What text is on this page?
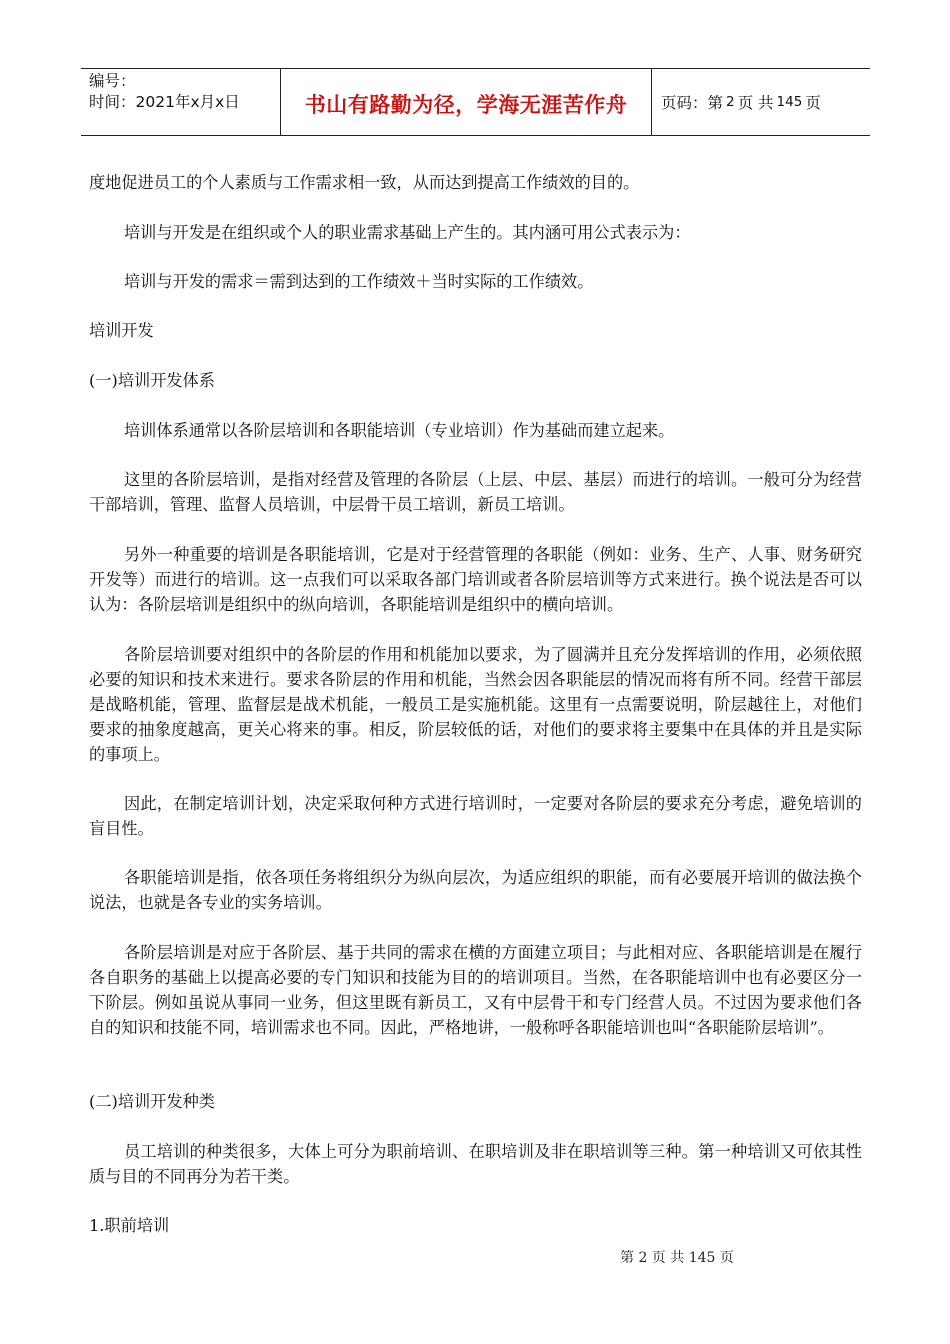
编号：
时间：2021年x月x日	书山有路勤为径，学海无涯苦作舟 页码：第 2 页 共 145 页

度地促进员工的个人素质与工作需求相一致，从而达到提高工作绩效的目的。

培训与开发是在组织或个人的职业需求基础上产生的。其内涵可用公式表示为：

培训与开发的需求＝需到达到的工作绩效＋当时实际的工作绩效。

培训开发

(一)培训开发体系

培训体系通常以各阶层培训和各职能培训（专业培训）作为基础而建立起来。

这里的各阶层培训，是指对经营及管理的各阶层（上层、中层、基层）而进行的培训。一般可分为经营干部培训，管理、监督人员培训，中层骨干员工培训，新员工培训。

另外一种重要的培训是各职能培训，它是对于经营管理的各职能（例如：业务、生产、人事、财务研究开发等）而进行的培训。这一点我们可以采取各部门培训或者各阶层培训等方式来进行。换个说法是否可以认为：各阶层培训是组织中的纵向培训，各职能培训是组织中的横向培训。

各阶层培训要对组织中的各阶层的作用和机能加以要求，为了圆满并且充分发挥培训的作用，必须依照必要的知识和技术来进行。要求各阶层的作用和机能，当然会因各职能层的情况而将有所不同。经营干部层是战略机能，管理、监督层是战术机能，一般员工是实施机能。这里有一点需要说明，阶层越往上，对他们要求的抽象度越高，更关心将来的事。相反，阶层较低的话，对他们的要求将主要集中在具体的并且是实际的事项上。

因此，在制定培训计划，决定采取何种方式进行培训时，一定要对各阶层的要求充分考虑，避免培训的盲目性。

各职能培训是指，依各项任务将组织分为纵向层次，为适应组织的职能，而有必要展开培训的做法换个说法，也就是各专业的实务培训。

各阶层培训是对应于各阶层、基于共同的需求在横的方面建立项目；与此相对应、各职能培训是在履行各自职务的基础上以提高必要的专门知识和技能为目的的培训项目。当然，在各职能培训中也有必要区分一下阶层。例如虽说从事同一业务，但这里既有新员工，又有中层骨干和专门经营人员。不过因为要求他们各自的知识和技能不同，培训需求也不同。因此，严格地讲，一般称呼各职能培训也叫“各职能阶层培训”。

(二)培训开发种类

员工培训的种类很多，大体上可分为职前培训、在职培训及非在职培训等三种。第一种培训又可依其性质与目的不同再分为若干类。

1.职前培训

第 2 页 共 145 页
